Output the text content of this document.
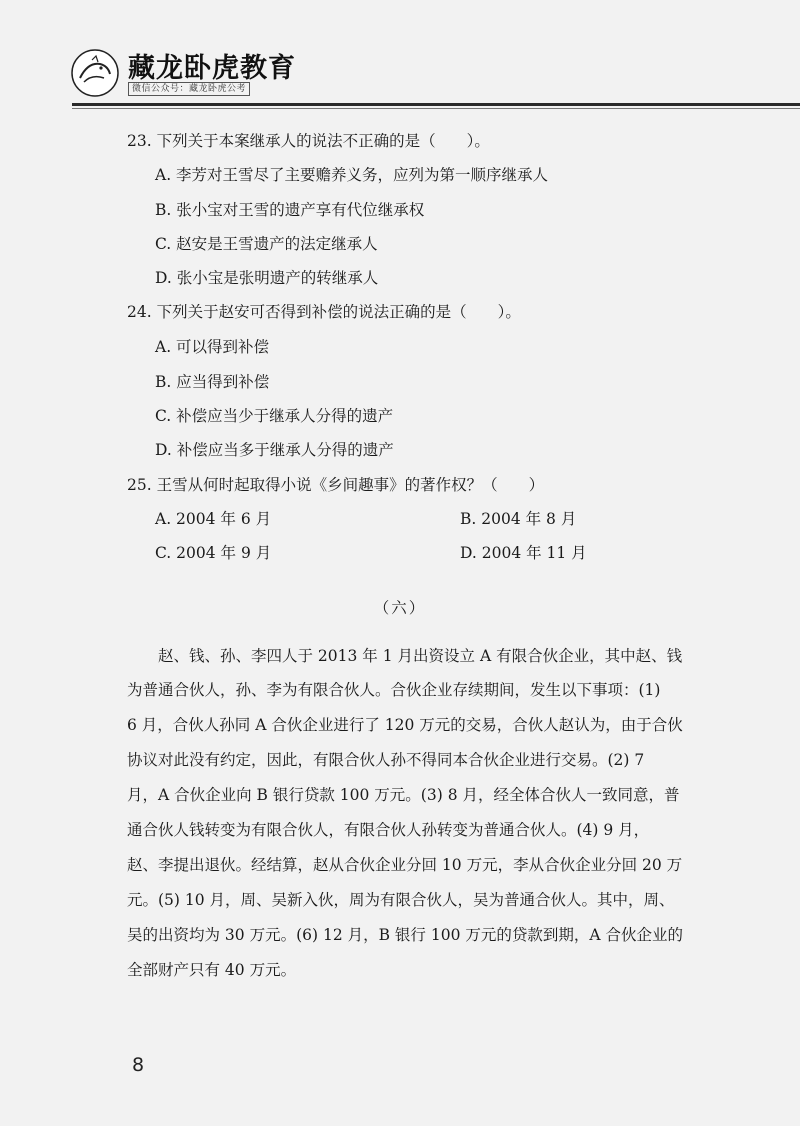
藏龙卧虎教育
微信公众号：藏龙卧虎公考
23. 下列关于本案继承人的说法不正确的是（　　）。
A. 李芳对王雪尽了主要赡养义务，应列为第一顺序继承人
B. 张小宝对王雪的遗产享有代位继承权
C. 赵安是王雪遗产的法定继承人
D. 张小宝是张明遗产的转继承人
24. 下列关于赵安可否得到补偿的说法正确的是（　　）。
A. 可以得到补偿
B. 应当得到补偿
C. 补偿应当少于继承人分得的遗产
D. 补偿应当多于继承人分得的遗产
25. 王雪从何时起取得小说《乡间趣事》的著作权？（　　）
A. 2004 年 6 月	B. 2004 年 8 月
C. 2004 年 9 月	D. 2004 年 11 月
（六）
　　赵、钱、孙、李四人于 2013 年 1 月出资设立 A 有限合伙企业，其中赵、钱
为普通合伙人，孙、李为有限合伙人。合伙企业存续期间，发生以下事项：(1)
6 月，合伙人孙同 A 合伙企业进行了 120 万元的交易，合伙人赵认为，由于合伙
协议对此没有约定，因此，有限合伙人孙不得同本合伙企业进行交易。(2) 7
月，A 合伙企业向 B 银行贷款 100 万元。(3) 8 月，经全体合伙人一致同意，普
通合伙人钱转变为有限合伙人，有限合伙人孙转变为普通合伙人。(4) 9 月，
赵、李提出退伙。经结算，赵从合伙企业分回 10 万元，李从合伙企业分回 20 万
元。(5) 10 月，周、吴新入伙，周为有限合伙人，吴为普通合伙人。其中，周、
吴的出资均为 30 万元。(6) 12 月，B 银行 100 万元的贷款到期，A 合伙企业的
全部财产只有 40 万元。
8
